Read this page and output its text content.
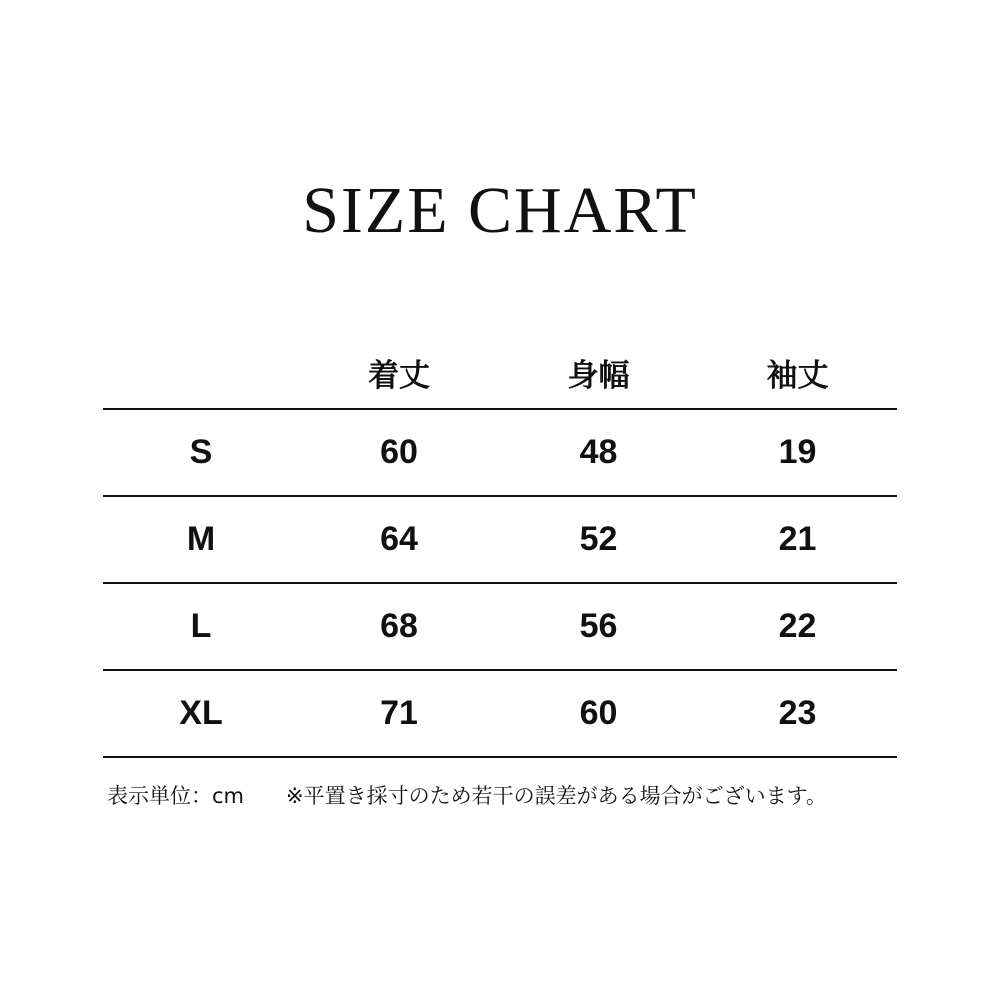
SIZE CHART
	着丈	身幅	袖丈
S	60	48	19
M	64	52	21
L	68	56	22
XL	71	60	23
表示単位：cm ※平置き採寸のため若干の誤差がある場合がございます。
